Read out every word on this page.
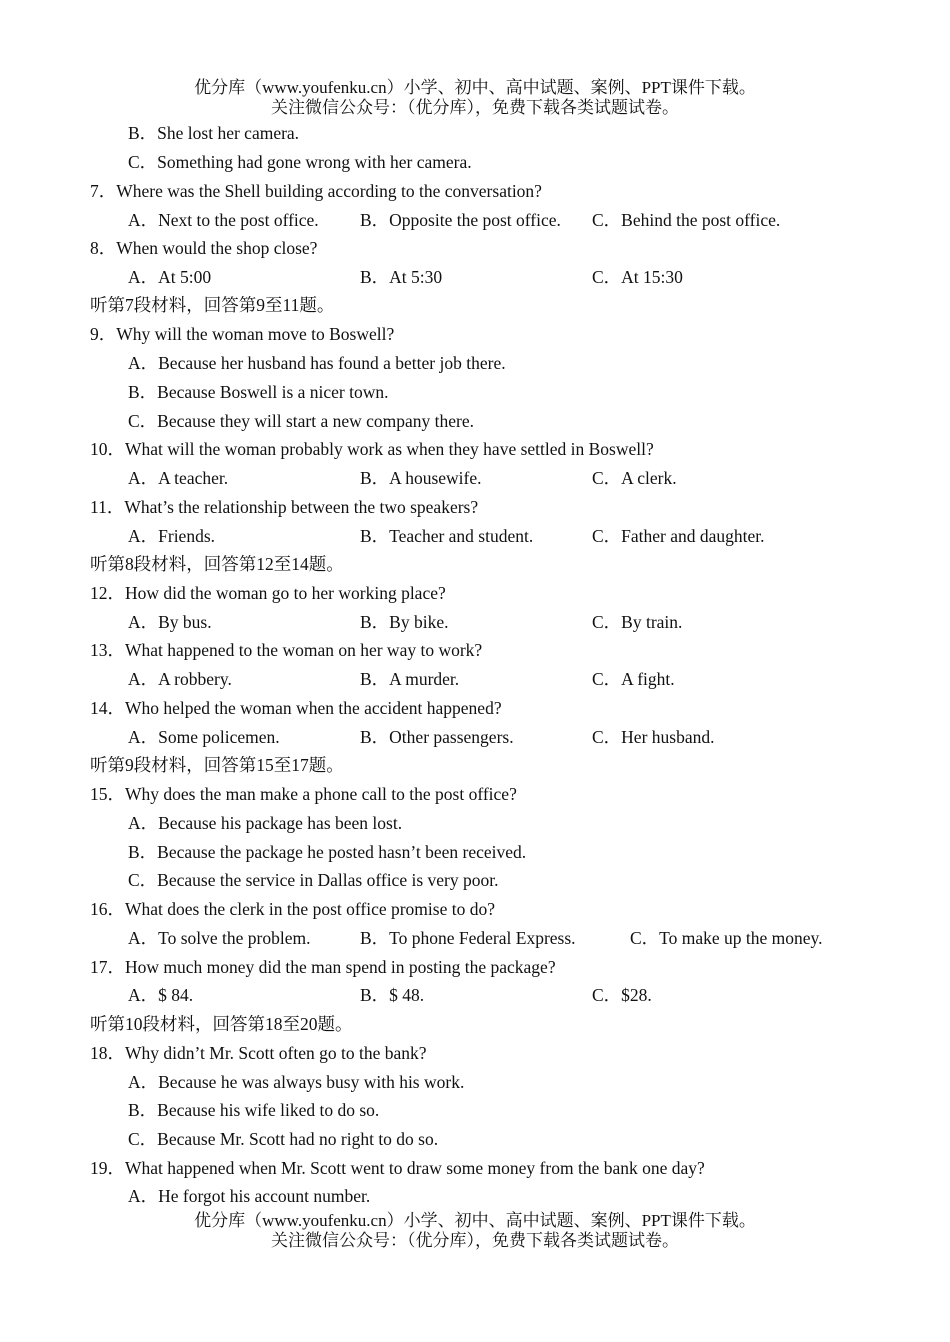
优分库（www.youfenku.cn）小学、初中、高中试题、案例、PPT课件下载。
关注微信公众号：（优分库），免费下载各类试题试卷。
B．She lost her camera.
C．Something had gone wrong with her camera.
7．Where was the Shell building according to the conversation?
A．Next to the post office. B．Opposite the post office. C．Behind the post office.
8．When would the shop close?
A．At 5:00	B．At 5:30	C．At 15:30
听第7段材料，回答第9至11题。
9．Why will the woman move to Boswell?
A．Because her husband has found a better job there.
B．Because Boswell is a nicer town.
C．Because they will start a new company there.
10．What will the woman probably work as when they have settled in Boswell?
A．A teacher.	B．A housewife.	C．A clerk.
11．What’s the relationship between the two speakers?
A．Friends.	B．Teacher and student.	C．Father and daughter.
听第8段材料，回答第12至14题。
12．How did the woman go to her working place?
A．By bus.	B．By bike.	C．By train.
13．What happened to the woman on her way to work?
A．A robbery.	B．A murder.	C．A fight.
14．Who helped the woman when the accident happened?
A．Some policemen.	B．Other passengers.	C．Her husband.
听第9段材料，回答第15至17题。
15．Why does the man make a phone call to the post office?
A．Because his package has been lost.
B．Because the package he posted hasn’t been received.
C．Because the service in Dallas office is very poor.
16．What does the clerk in the post office promise to do?
A．To solve the problem.	B．To phone Federal Express.	C．To make up the money.
17．How much money did the man spend in posting the package?
A．$ 84.	B．$ 48.	C．$28.
听第10段材料，回答第18至20题。
18．Why didn’t Mr. Scott often go to the bank?
A．Because he was always busy with his work.
B．Because his wife liked to do so.
C．Because Mr. Scott had no right to do so.
19．What happened when Mr. Scott went to draw some money from the bank one day?
A．He forgot his account number.
优分库（www.youfenku.cn）小学、初中、高中试题、案例、PPT课件下载。
关注微信公众号：（优分库），免费下载各类试题试卷。
